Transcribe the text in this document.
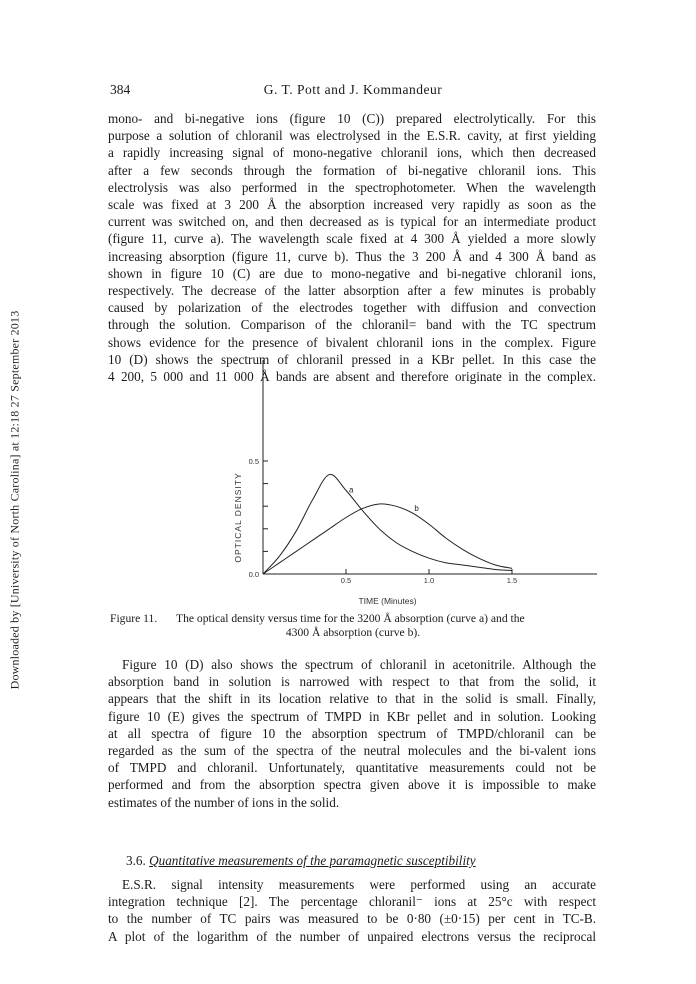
Downloaded by [University of North Carolina] at 12:18 27 September 2013
384	G. T. Pott and J. Kommandeur

mono- and bi-negative ions (figure 10 (C)) prepared electrolytically. For this

purpose a solution of chloranil was electrolysed in the E.S.R. cavity, at first yielding

a rapidly increasing signal of mono-negative chloranil ions, which then decreased

after a few seconds through the formation of bi-negative chloranil ions. This

electrolysis was also performed in the spectrophotometer. When the wavelength

scale was fixed at 3 200 Å the absorption increased very rapidly as soon as the

current was switched on, and then decreased as is typical for an intermediate product

(figure 11, curve a). The wavelength scale fixed at 4 300 Å yielded a more slowly

increasing absorption (figure 11, curve b). Thus the 3 200 Å and 4 300 Å band as

shown in figure 10 (C) are due to mono-negative and bi-negative chloranil ions,

respectively. The decrease of the latter absorption after a few minutes is probably

caused by polarization of the electrodes together with diffusion and convection

through the solution. Comparison of the chloranil= band with the TC spectrum

shows evidence for the presence of bivalent chloranil ions in the complex. Figure

10 (D) shows the spectrum of chloranil pressed in a KBr pellet. In this case the

4 200, 5 000 and 11 000 Å bands are absent and therefore originate in the complex.

0.0
0.5
0.5	1.0	1.5
OPTICAL DENSITY
TIME (Minutes)
a
b
Figure 11. The optical density versus time for the 3200 Å absorption (curve a) and the
4300 Å absorption (curve b).

Figure 10 (D) also shows the spectrum of chloranil in acetonitrile. Although the

absorption band in solution is narrowed with respect to that from the solid, it

appears that the shift in its location relative to that in the solid is small. Finally,

figure 10 (E) gives the spectrum of TMPD in KBr pellet and in solution. Looking

at all spectra of figure 10 the absorption spectrum of TMPD/chloranil can be

regarded as the sum of the spectra of the neutral molecules and the bi-valent ions

of TMPD and chloranil. Unfortunately, quantitative measurements could not be

performed and from the absorption spectra given above it is impossible to make

estimates of the number of ions in the solid.

3.6. Quantitative measurements of the paramagnetic susceptibility

E.S.R. signal intensity measurements were performed using an accurate

integration technique [2]. The percentage chloranil⁻ ions at 25°c with respect

to the number of TC pairs was measured to be 0·80 (±0·15) per cent in TC-B.

A plot of the logarithm of the number of unpaired electrons versus the reciprocal
